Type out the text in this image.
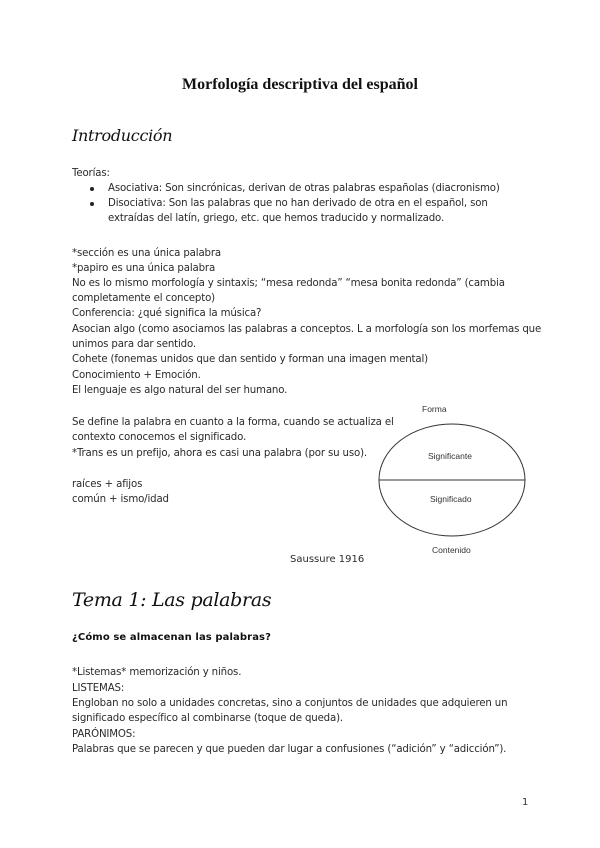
Morfología descriptiva del español
Introducción
Teorías:
Asociativa: Son sincrónicas, derivan de otras palabras españolas (diacronismo)
Disociativa: Son las palabras que no han derivado de otra en el español, son extraídas del latín, griego, etc. que hemos traducido y normalizado.
*sección es una única palabra
*papiro es una única palabra
No es lo mismo morfología y sintaxis; “mesa redonda” “mesa bonita redonda” (cambia
completamente el concepto)
Conferencia: ¿qué significa la música?
Asocian algo (como asociamos las palabras a conceptos. L a morfología son los morfemas que
unimos para dar sentido.
Cohete (fonemas unidos que dan sentido y forman una imagen mental)
Conocimiento + Emoción.
El lenguaje es algo natural del ser humano.
Se define la palabra en cuanto a la forma, cuando se actualiza el
contexto conocemos el significado.
*Trans es un prefijo, ahora es casi una palabra (por su uso).
raíces + afijos
común + ismo/idad
Forma
Significante
Significado
Contenido
Saussure 1916
Tema 1: Las palabras
¿Cómo se almacenan las palabras?
*Listemas* memorización y niños.
LISTEMAS:
Engloban no solo a unidades concretas, sino a conjuntos de unidades que adquieren un
significado específico al combinarse (toque de queda).
PARÓNIMOS:
Palabras que se parecen y que pueden dar lugar a confusiones (“adición” y “adicción”).
1
